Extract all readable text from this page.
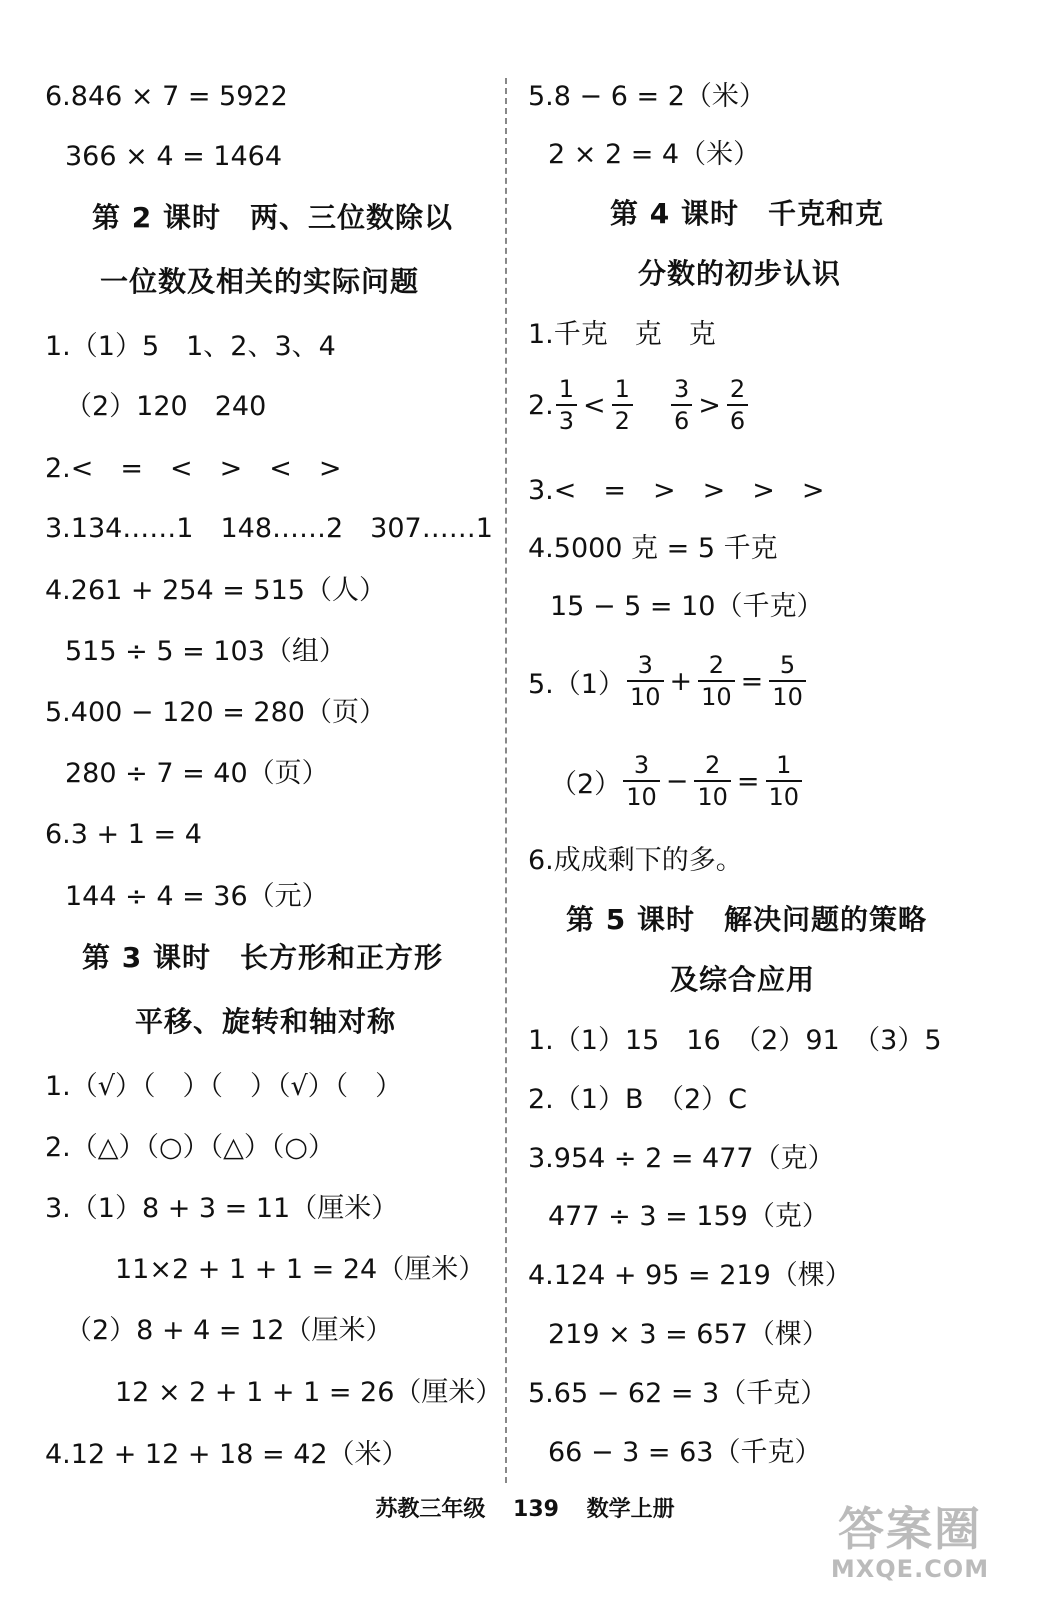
6.846 × 7 = 5922
366 × 4 = 1464
第 2 课时　两、三位数除以
一位数及相关的实际问题
1.（1）5　1、2、3、4
（2）120　240
2.<　=　<　>　<　>
3.134……1　148……2　307……1
4.261 + 254 = 515（人）
515 ÷ 5 = 103（组）
5.400 − 120 = 280（页）
280 ÷ 7 = 40（页）
6.3 + 1 = 4
144 ÷ 4 = 36（元）
第 3 课时　长方形和正方形
平移、旋转和轴对称
1.（√）（　）（　）（√）（　）
2.（△）（○）（△）（○）
3.（1）8 + 3 = 11（厘米）
11×2 + 1 + 1 = 24（厘米）
（2）8 + 4 = 12（厘米）
12 × 2 + 1 + 1 = 26（厘米）
4.12 + 12 + 18 = 42（米）
5.8 − 6 = 2（米）
2 × 2 = 4（米）
第 4 课时　千克和克
分数的初步认识
1.千克　克　克
2. $\frac{1}{3} < \frac{1}{2} \frac{3}{6} > \frac{2}{6}$
3.<　=　>　>　>　>
4.5000 克 = 5 千克
15 − 5 = 10（千克）
$5.(1) \frac{3}{10} + \frac{2}{10} = \frac{5}{10}$
$(2) \frac{3}{10} - \frac{2}{10} = \frac{1}{10}$
6.成成剩下的多。
第 5 课时　解决问题的策略
及综合应用
1.（1）15　16　（2）91　（3）5
2.（1）B　（2）C
3.954 ÷ 2 = 477（克）
477 ÷ 3 = 159（克）
4.124 + 95 = 219（棵）
219 × 3 = 657（棵）
5.65 − 62 = 3（千克）
66 − 3 = 63（千克）
苏教三年级 139 数学上册	答案圈
MXQE.COM
